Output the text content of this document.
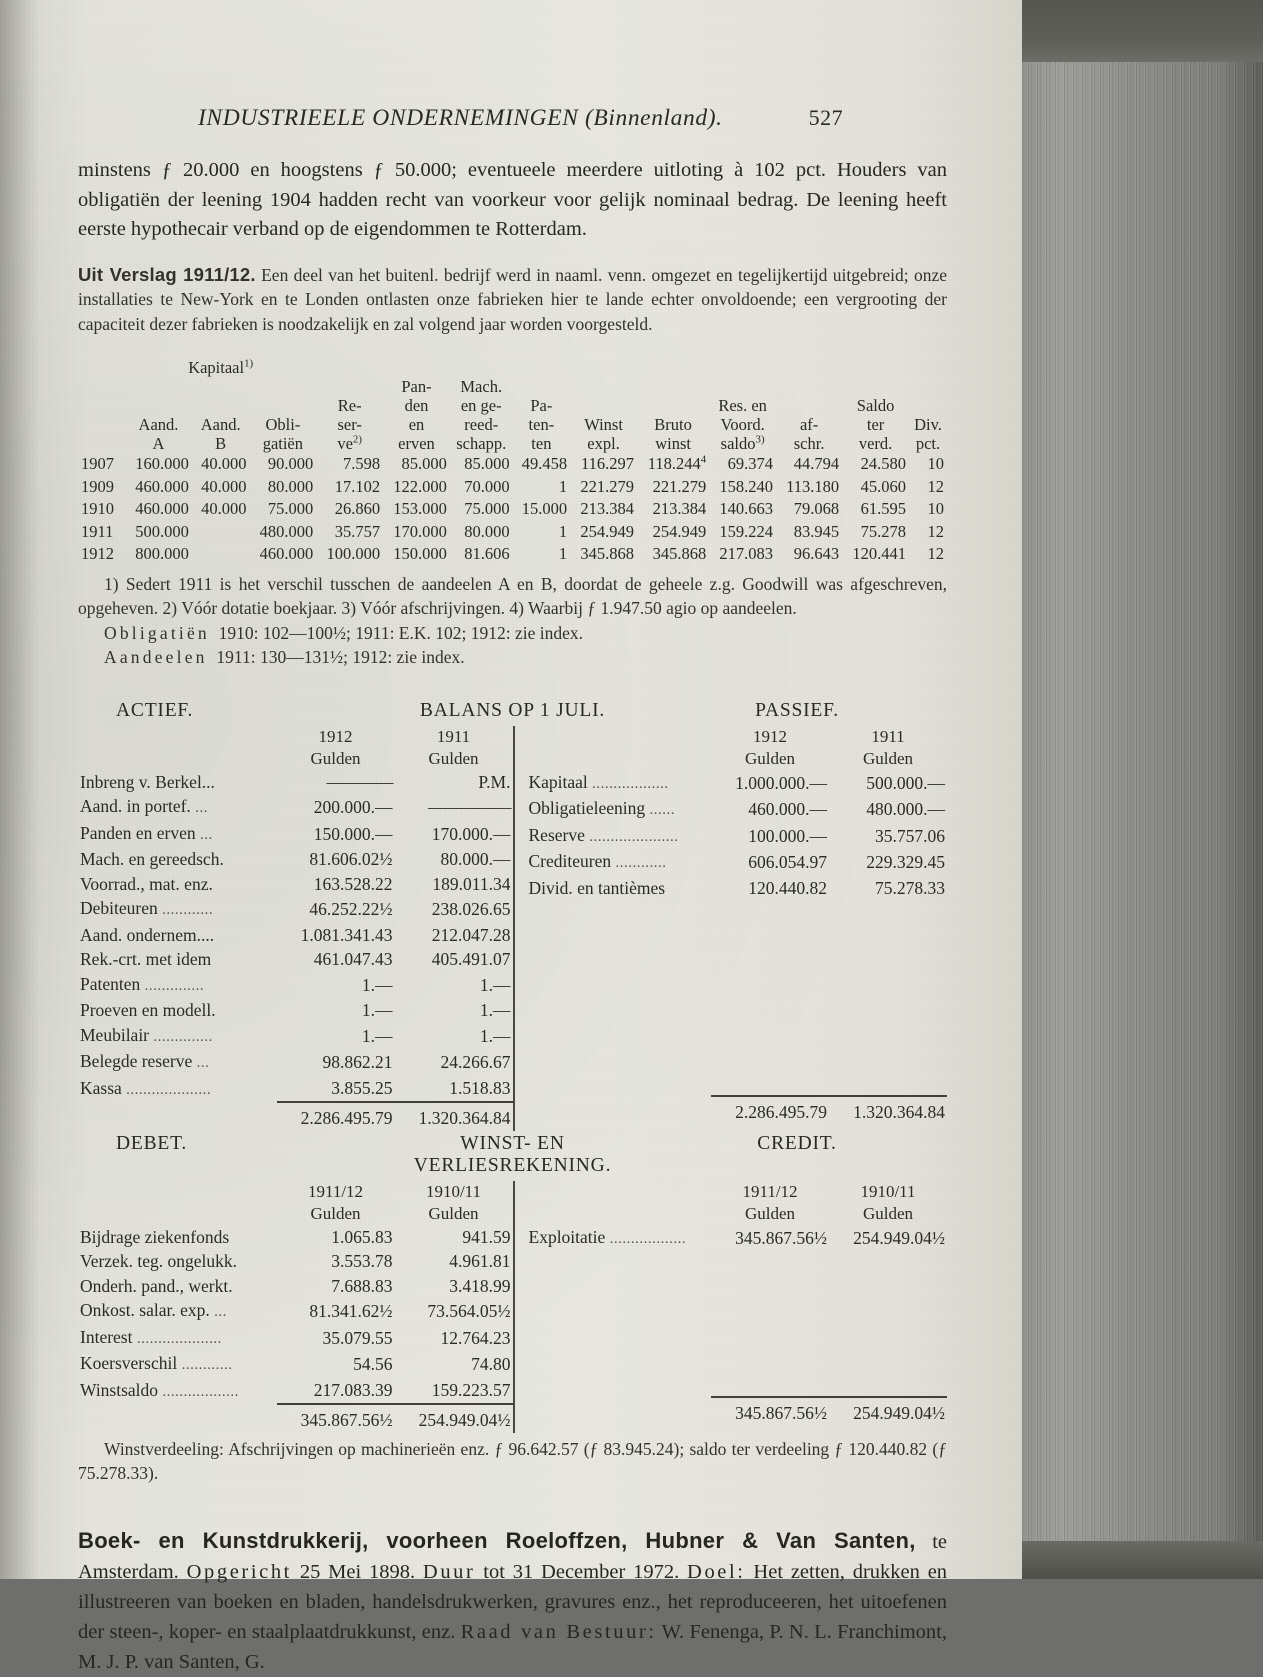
INDUSTRIEELE ONDERNEMINGEN (Binnenland).	527

minstens ƒ 20.000 en hoogstens ƒ 50.000; eventueele meerdere uitloting à 102 pct. Houders van obligatiën der leening 1904 hadden recht van voorkeur voor gelijk nominaal bedrag. De leening heeft eerste hypothecair verband op de eigendommen te Rotterdam.

Uit Verslag 1911/12. Een deel van het buitenl. bedrijf werd in naaml. venn. omgezet en tegelijkertijd uitgebreid; onze installaties te New-York en te Londen ontlasten onze fabrieken hier te lande echter onvoldoende; een vergrooting der capaciteit dezer fabrieken is noodzakelijk en zal volgend jaar worden voorgesteld.

	Kapitaal$^{1)}$	
					Pan-	Mach.							
				Re-	den	en ge-	Pa-			Res. en		Saldo	
	Aand.	Aand.	Obli-	ser-	en	reed-	ten-	Winst	Bruto	Voord.	af-	ter	Div.
	A	B	gatiën	$ve^{2)}$	erven	schapp.	ten	expl.	winst	saldo$^{3)}$	schr.	verd.	pct.
1907	160.000	40.000	90.000	7.598	85.000	85.000	49.458	116.297	118.244$^4$	69.374	44.794	24.580	10
1909	460.000	40.000	80.000	17.102	122.000	70.000	1	221.279	221.279	158.240	113.180	45.060	12
1910	460.000	40.000	75.000	26.860	153.000	75.000	15.000	213.384	213.384	140.663	79.068	61.595	10
1911	500.000		480.000	35.757	170.000	80.000	1	254.949	254.949	159.224	83.945	75.278	12
1912	800.000		460.000	100.000	150.000	81.606	1	345.868	345.868	217.083	96.643	120.441	12
1) Sedert 1911 is het verschil tusschen de aandeelen A en B, doordat de geheele z.g. Goodwill was afgeschreven, opgeheven. 2) Vóór dotatie boekjaar. 3) Vóór afschrijvingen. 4) Waarbij ƒ 1.947.50 agio op aandeelen.
Obligatiën 1910: 102—100½; 1911: E.K. 102; 1912: zie index.
Aandeelen 1911: 130—131½; 1912: zie index.
ACTIEF.	BALANS OP 1 JULI.	PASSIEF.
	1912	1911
	Gulden	Gulden
Inbreng v. Berkel...	————	P.M.
Aand. in portef. ...	200.000.—	—————
Panden en erven ...	150.000.—	170.000.—
Mach. en gereedsch.	81.606.02½	80.000.—
Voorrad., mat. enz.	163.528.22	189.011.34
Debiteuren ............	46.252.22½	238.026.65
Aand. ondernem....	1.081.341.43	212.047.28
Rek.-crt. met idem	461.047.43	405.491.07
Patenten ..............	1.—	1.—
Proeven en modell.	1.—	1.—
Meubilair ..............	1.—	1.—
Belegde reserve ...	98.862.21	24.266.67
Kassa ....................	3.855.25	1.518.83

	2.286.495.79	1.320.364.84
	1912	1911
	Gulden	Gulden
Kapitaal ..................	1.000.000.—	500.000.—
Obligatieleening ......	460.000.—	480.000.—
Reserve .....................	100.000.—	35.757.06
Crediteuren ............	606.054.97	229.329.45
Divid. en tantièmes	120.440.82	75.278.33

	2.286.495.79	1.320.364.84
DEBET.	WINST- EN VERLIESREKENING.
CREDIT.
	1911/12	1910/11
	Gulden	Gulden
Bijdrage ziekenfonds	1.065.83	941.59
Verzek. teg. ongelukk.	3.553.78	4.961.81
Onderh. pand., werkt.	7.688.83	3.418.99
Onkost. salar. exp. ...	81.341.62½	73.564.05½
Interest ....................	35.079.55	12.764.23
Koersverschil ............	54.56	74.80
Winstsaldo ..................	217.083.39	159.223.57

	345.867.56½	254.949.04½
	1911/12	1910/11
	Gulden	Gulden
Exploitatie ..................	345.867.56½	254.949.04½

	345.867.56½	254.949.04½
Winstverdeeling: Afschrijvingen op machinerieën enz. ƒ 96.642.57 (ƒ 83.945.24); saldo ter verdeeling ƒ 120.440.82 (ƒ 75.278.33).

Boek- en Kunstdrukkerij, voorheen Roeloffzen, Hubner & Van Santen, te Amsterdam. Opgericht 25 Mei 1898. Duur tot 31 December 1972. Doel: Het zetten, drukken en illustreeren van boeken en bladen, handelsdrukwerken, gravures enz., het reproduceeren, het uitoefenen der steen-, koper- en staalplaatdrukkunst, enz. Raad van Bestuur: W. Fenenga, P. N. L. Franchimont, M. J. P. van Santen, G.
